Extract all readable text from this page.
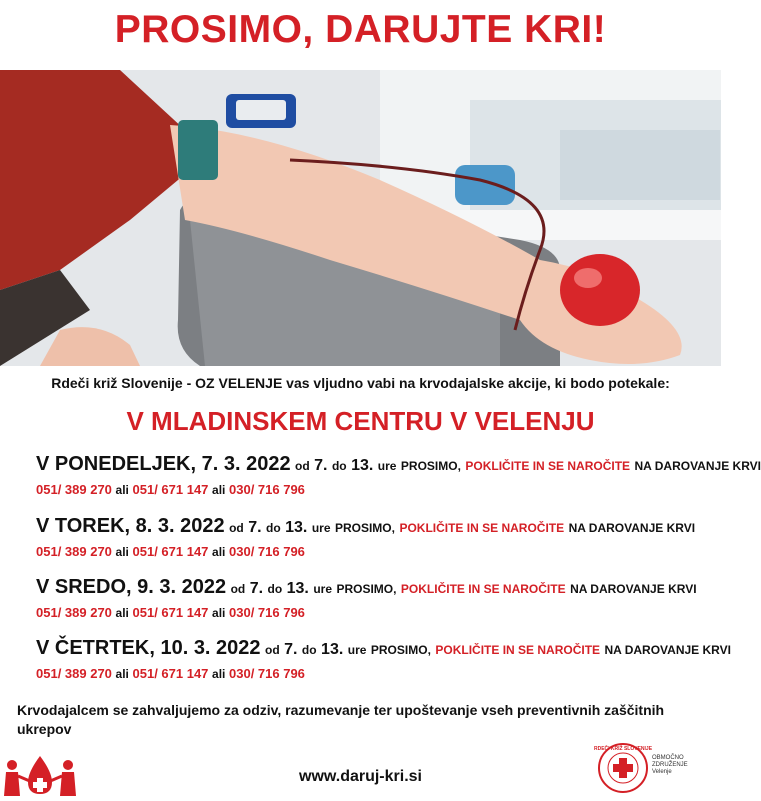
PROSIMO, DARUJTE KRI!
Rdeči križ Slovenije - OZ VELENJE vas vljudno vabi na krvodajalske akcije, ki bodo potekale:
V MLADINSKEM CENTRU V VELENJU
V PONEDELJEK, 7. 3. 2022 od 7. do 13. ure PROSIMO, POKLIČITE IN SE NAROČITE NA DAROVANJE KRVI
051/ 389 270 ali 051/ 671 147 ali 030/ 716 796
V TOREK, 8. 3. 2022 od 7. do 13. ure PROSIMO, POKLIČITE IN SE NAROČITE NA DAROVANJE KRVI
051/ 389 270 ali 051/ 671 147 ali 030/ 716 796
V SREDO, 9. 3. 2022 od 7. do 13. ure PROSIMO, POKLIČITE IN SE NAROČITE NA DAROVANJE KRVI
051/ 389 270 ali 051/ 671 147 ali 030/ 716 796
V ČETRTEK, 10. 3. 2022 od 7. do 13. ure PROSIMO, POKLIČITE IN SE NAROČITE NA DAROVANJE KRVI
051/ 389 270 ali 051/ 671 147 ali 030/ 716 796
Krvodajalcem se zahvaljujemo za odziv, razumevanje ter upoštevanje vseh preventivnih zaščitnih ukrepov
www.daruj-kri.si
RDEČI KRIŽ SLOVENIJE
OBMOČNO ZDRUŽENJE
Velenje
